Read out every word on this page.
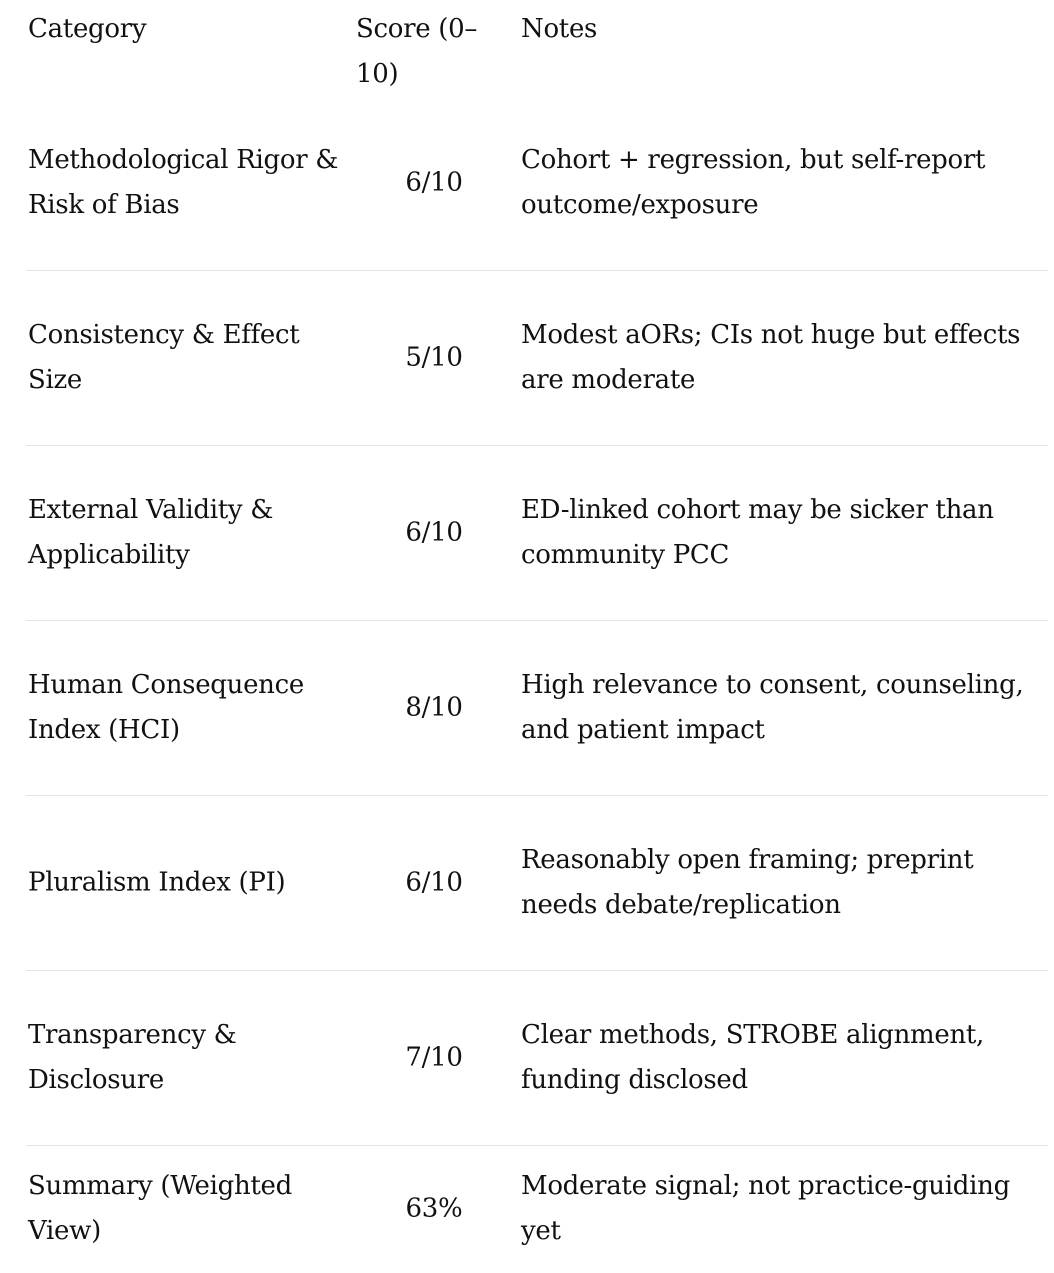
Category	Score (0–10)
Notes
Methodological Rigor & Risk of Bias
6/10
Cohort + regression, but self-report outcome/exposure
Consistency & Effect Size
5/10
Modest aORs; CIs not huge but effects are moderate
External Validity & Applicability
6/10
ED-linked cohort may be sicker than community PCC
Human Consequence Index (HCI)
8/10
High relevance to consent, counseling, and patient impact
Pluralism Index (PI)	6/10
Reasonably open framing; preprint needs debate/replication
Transparency & Disclosure
7/10
Clear methods, STROBE alignment, funding disclosed
Summary (Weighted View)
63%
Moderate signal; not practice-guiding yet
